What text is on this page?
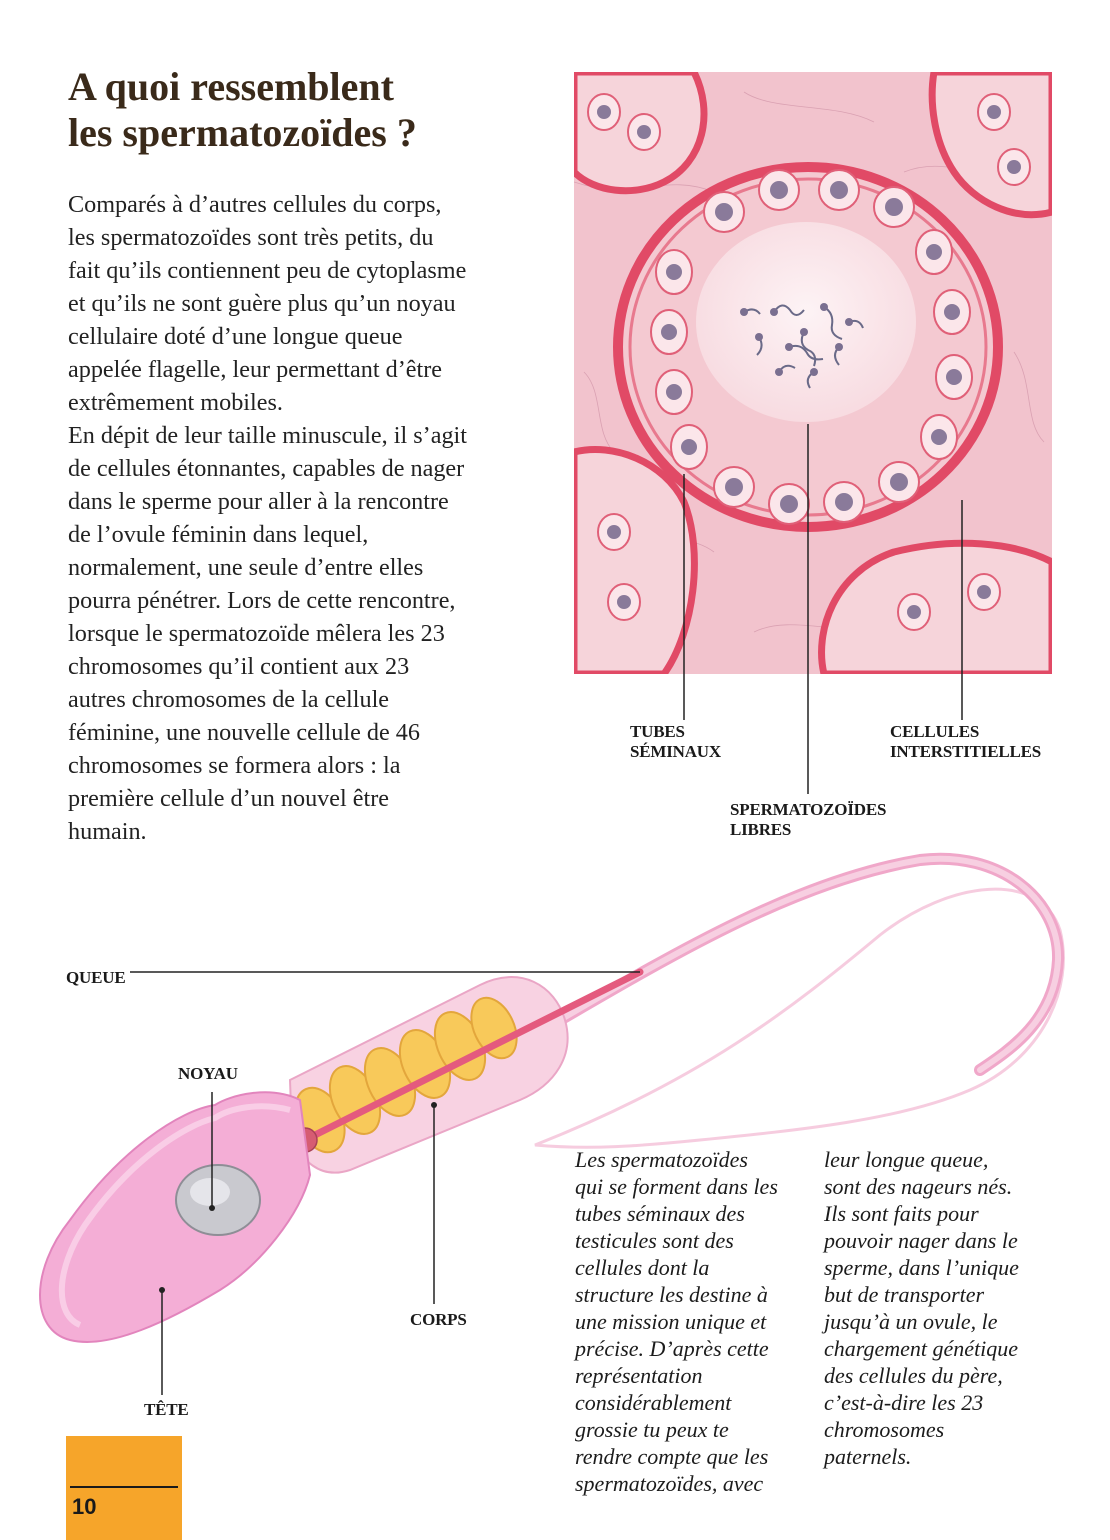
A quoi ressemblent
les spermatozoïdes ?

Comparés à d’autres cellules du corps,

les spermatozoïdes sont très petits, du

fait qu’ils contiennent peu de cytoplasme

et qu’ils ne sont guère plus qu’un noyau

cellulaire doté d’une longue queue

appelée flagelle, leur permettant d’être

extrêmement mobiles.

En dépit de leur taille minuscule, il s’agit

de cellules étonnantes, capables de nager

dans le sperme pour aller à la rencontre

de l’ovule féminin dans lequel,

normalement, une seule d’entre elles

pourra pénétrer. Lors de cette rencontre,

lorsque le spermatozoïde mêlera les 23

chromosomes qu’il contient aux 23

autres chromosomes de la cellule

féminine, une nouvelle cellule de 46

chromosomes se formera alors : la

première cellule d’un nouvel être

humain.

TUBES
SÉMINAUX
CELLULES
INTERSTITIELLES
SPERMATOZOÏDES
LIBRES
QUEUE
NOYAU
CORPS
TÊTE

Les spermatozoïdes

qui se forment dans les

tubes séminaux des

testicules sont des

cellules dont la

structure les destine à

une mission unique et

précise. D’après cette

représentation

considérablement

grossie tu peux te

rendre compte que les

spermatozoïdes, avec

leur longue queue,

sont des nageurs nés.

Ils sont faits pour

pouvoir nager dans le

sperme, dans l’unique

but de transporter

jusqu’à un ovule, le

chargement génétique

des cellules du père,

c’est-à-dire les 23

chromosomes

paternels.

10
